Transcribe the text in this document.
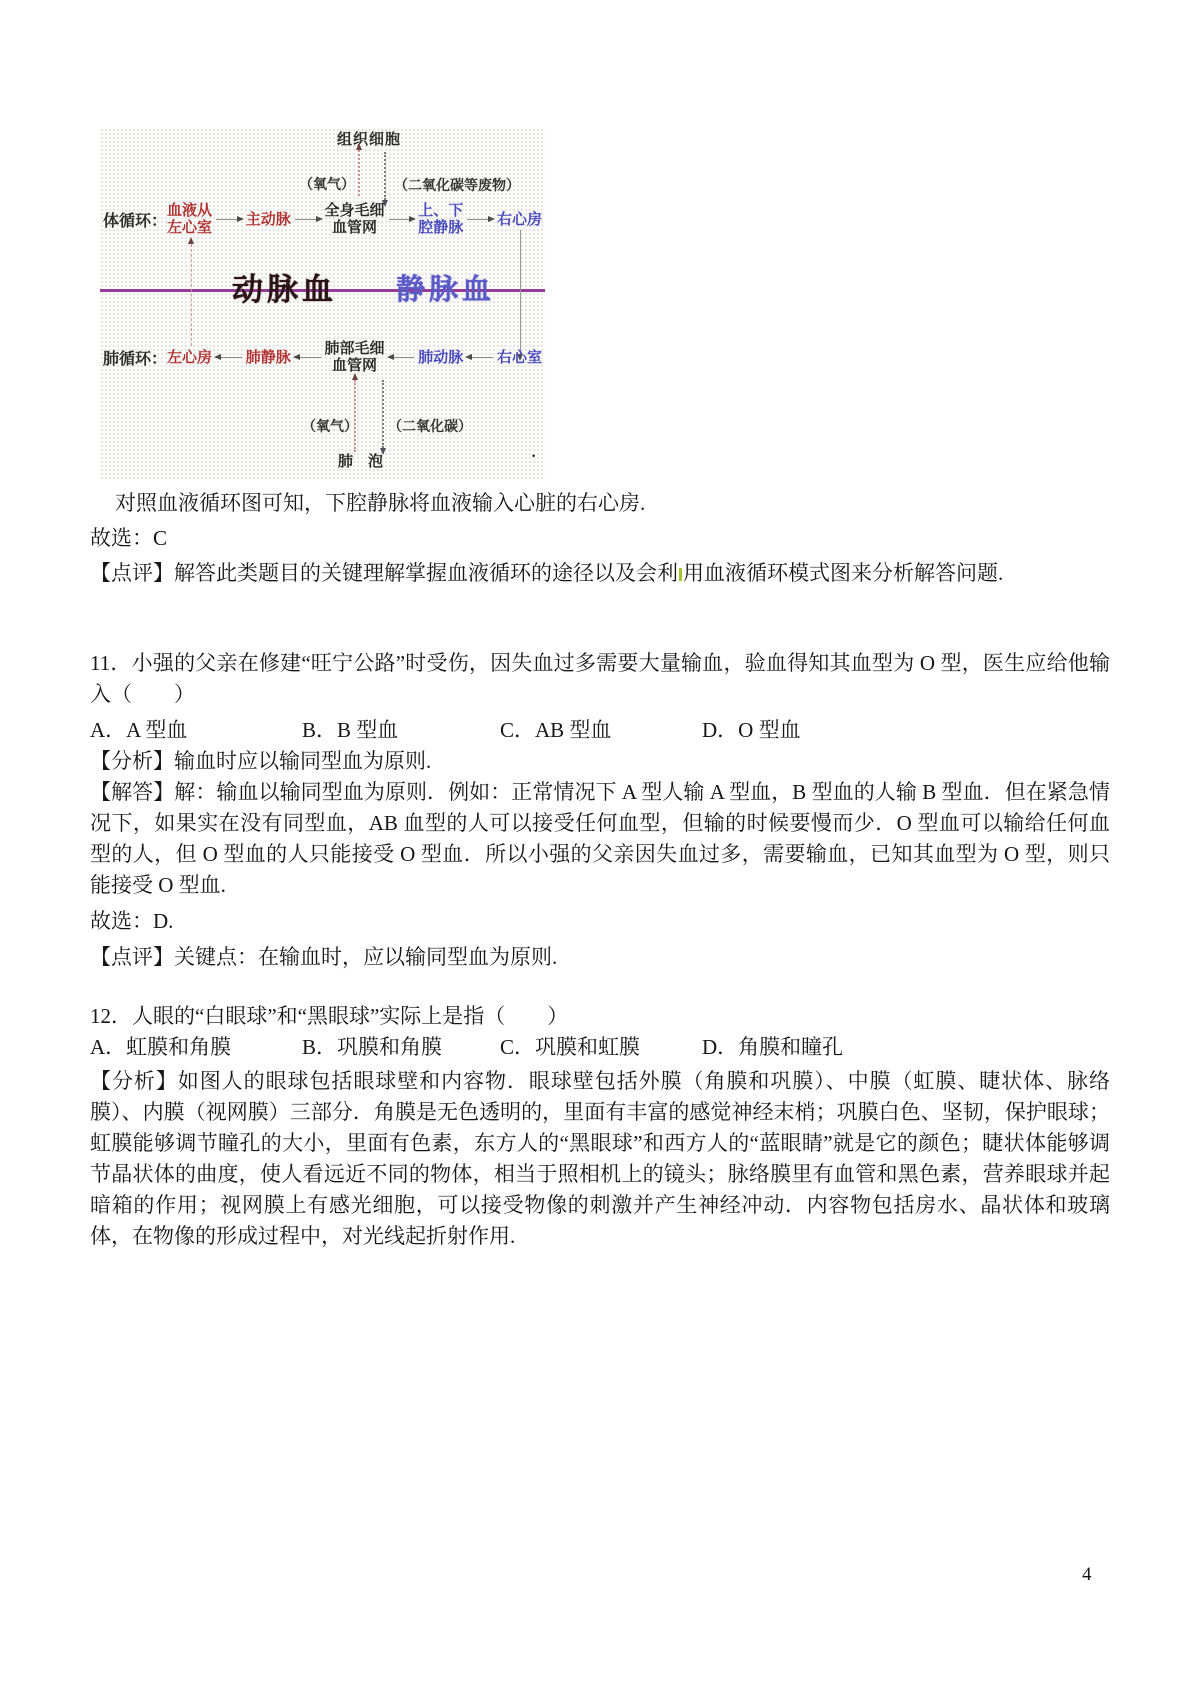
组织细胞
（氧气）	（二氧化碳等废物）
体循环：
血液从
左心室 主动脉 全身毛细
血管网
上、下
腔静脉 右心房
动脉血 静脉血
肺循环： 左心房 肺静脉 肺部毛细
血管网	肺动脉 右心室
（氧气） （二氧化碳）
肺　泡	.
对照血液循环图可知，下腔静脉将血液输入心脏的右心房.
故选：C
【点评】解答此类题目的关键理解掌握血液循环的途径以及会利 用血液循环模式图来分析解答问题.

11．小强的父亲在修建“旺宁公路”时受伤，因失血过多需要大量输血，验血得知其血型为 O 型，医生应给他输入（　　）

A．A 型血	B．B 型血	C．AB 型血	D．O 型血

【分析】输血时应以输同型血为原则.

【解答】解：输血以输同型血为原则．例如：正常情况下 A 型人输 A 型血，B 型血的人输 B 型血．但在紧急情况下，如果实在没有同型血，AB 血型的人可以接受任何血型，但输的时候要慢而少．O 型血可以输给任何血型的人，但 O 型血的人只能接受 O 型血．所以小强的父亲因失血过多，需要输血，已知其血型为 O 型，则只能接受 O 型血.

故选：D.

【点评】关键点：在输血时，应以输同型血为原则.

12．人眼的“白眼球”和“黑眼球”实际上是指（　　）

A．虹膜和角膜	B．巩膜和角膜	C．巩膜和虹膜	D．角膜和瞳孔

【分析】如图人的眼球包括眼球壁和内容物．眼球壁包括外膜（角膜和巩膜）、中膜（虹膜、睫状体、脉络膜）、内膜（视网膜）三部分．角膜是无色透明的，里面有丰富的感觉神经末梢；巩膜白色、坚韧，保护眼球；虹膜能够调节瞳孔的大小，里面有色素，东方人的“黑眼球”和西方人的“蓝眼睛”就是它的颜色；睫状体能够调节晶状体的曲度，使人看远近不同的物体，相当于照相机上的镜头；脉络膜里有血管和黑色素，营养眼球并起暗箱的作用；视网膜上有感光细胞，可以接受物像的刺激并产生神经冲动．内容物包括房水、晶状体和玻璃体，在物像的形成过程中，对光线起折射作用.

4
